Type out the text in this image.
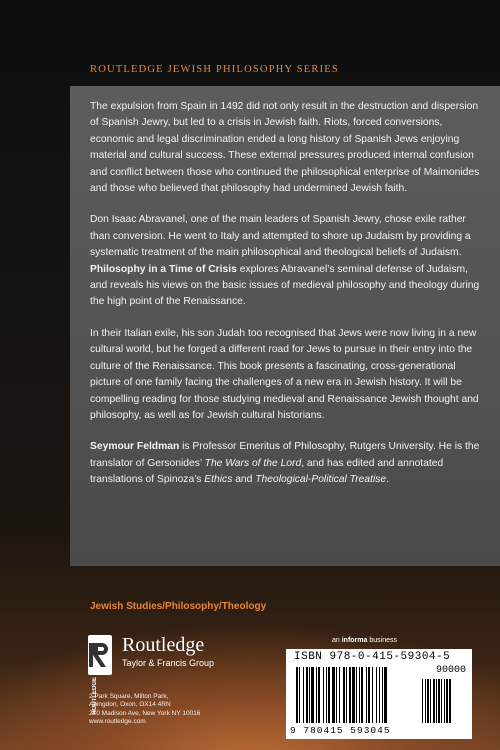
ROUTLEDGE JEWISH PHILOSOPHY SERIES

The expulsion from Spain in 1492 did not only result in the destruction and dispersion of Spanish Jewry, but led to a crisis in Jewish faith. Riots, forced conversions, economic and legal discrimination ended a long history of Spanish Jews enjoying material and cultural success. These external pressures produced internal confusion and conflict between those who continued the philosophical enterprise of Maimonides and those who believed that philosophy had undermined Jewish faith.

Don Isaac Abravanel, one of the main leaders of Spanish Jewry, chose exile rather than conversion. He went to Italy and attempted to shore up Judaism by providing a systematic treatment of the main philosophical and theological beliefs of Judaism. Philosophy in a Time of Crisis explores Abravanel’s seminal defense of Judaism, and reveals his views on the basic issues of medieval philosophy and theology during the high point of the Renaissance.

In their Italian exile, his son Judah too recognised that Jews were now living in a new cultural world, but he forged a different road for Jews to pursue in their entry into the culture of the Renaissance. This book presents a fascinating, cross-generational picture of one family facing the challenges of a new era in Jewish history. It will be compelling reading for those studying medieval and Renaissance Jewish thought and philosophy, as well as for Jewish cultural historians.

Seymour Feldman is Professor Emeritus of Philosophy, Rutgers University. He is the translator of Gersonides’ The Wars of the Lord, and has edited and annotated translations of Spinoza’s Ethics and Theological-Political Treatise.

Jewish Studies/Philosophy/Theology
an informa business
ROUTLEDGE
Routledge
Taylor & Francis Group
2 Park Square, Milton Park,
Abingdon, Oxon, OX14 4RN
270 Madison Ave, New York NY 10016
www.routledge.com
ISBN 978-0-415-59304-5
90000
9 780415 593045
